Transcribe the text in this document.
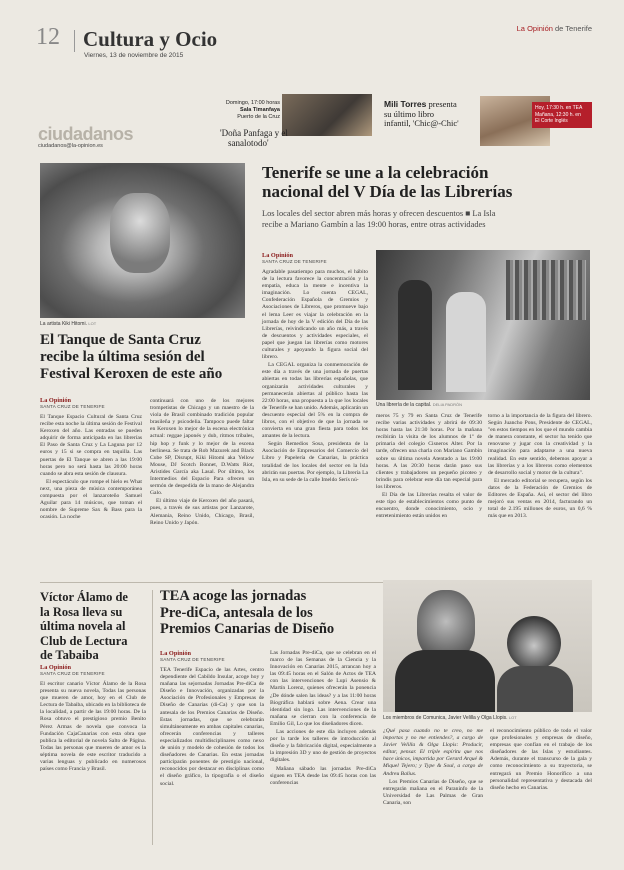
12 Cultura y Ocio
Viernes, 13 de noviembre de 2015
La Opinión de Tenerife
Domingo, 17:00 horas
Sala Timanfaya
Puerto de la Cruz
'Doña Panfaga y el
sanalotodo'
Mili Torres presenta
su último libro
infantil, 'Chic@-Chic'
Hoy, 17:30 h. en TEA
Mañana, 12:30 h. en
El Corte Inglés
ciudadanos
ciudadanos@la-opinion.es
La artista Kiki Hitomi. LOT
Tenerife se une a la celebración
nacional del V Día de las Librerías
Los locales del sector abren más horas y ofrecen descuentos ■ La Isla
recibe a Mariano Gambín a las 19:00 horas, entre otras actividades
La Opinión
SANTA CRUZ DE TENERIFE

Agradable pasatiempo para muchos, el hábito de la lectura favorece la concentración y la empatía, educa la mente e incentiva la imaginación. Lo cuenta CEGAL, Confederación Española de Gremios y Asociaciones de Libreros, que promueve bajo el lema Leer es viajar la celebración en la jornada de hoy de la V edición del Día de las Librerías, reivindicando un año más, a través de descuentos y actividades especiales, el papel que juegan las librerías como motores culturales y apoyando la figura social del librero.

La CEGAL organiza la conmemoración de este día a través de una jornada de puertas abiertas en todas las librerías españolas, que organizarán actividades culturales y permanecerán abiertas al público hasta las 22:00 horas, una propuesta a la que los locales de Tenerife se han unido. Además, aplicarán un descuento especial del 5% en la compra de libros, con el objetivo de que la jornada se convierta en una gran fiesta para todos los amantes de la lectura.

Según Remedios Sosa, presidenta de la Asociación de Empresarios del Comercio del Libro y Papelería de Canarias, la práctica totalidad de los locales del sector en la Isla abrirán sus puertas. Por ejemplo, la Librería La Isla, en su sede de la calle Imeldo Serís nú-

Una librería de la capital. DELIA PADRÓN

meros 75 y 79 en Santa Cruz de Tenerife recibe varias actividades y abrirá de 09:30 horas hasta las 21:30 horas. Por la mañana recibirán la visita de los alumnos de 1º de primaria del colegio Cisneros Alter. Por la tarde, ofrecen una charla con Mariano Gambín sobre su última novela Atentado a las 19:00 horas. A las 20:30 horas darán paso sus clientes y trabajadores un pequeño picoteo y brindis para celebrar este día tan especial para los libreros.

El Día de las Librerías resalta el valor de este tipo de establecimientos como punto de encuentro, donde conocimiento, ocio y entretenimiento están unidos en

torno a la importancia de la figura del librero. Según Juancho Pons, Presidente de CEGAL, "en estos tiempos en los que el mundo cambia de manera constante, el sector ha tenido que renovarse y jugar con la creatividad y la imaginación para adaptarse a una nueva realidad. En este sentido, debemos apoyar a las librerías y a los libreros como elementos de desarrollo social y motor de la cultura".

El mercado editorial se recupera, según los datos de la Federación de Gremios de Editores de España. Así, el sector del libro mejoró sus ventas en 2014, facturando un total de 2.195 millones de euros, un 0,6 % más que en 2013.

El Tanque de Santa Cruz
recibe la última sesión del
Festival Keroxen de este año
La Opinión
SANTA CRUZ DE TENERIFE

El Tanque Espacio Cultural de Santa Cruz recibe esta noche la última sesión de Festival Keroxen del año. Las entradas se pueden adquirir de forma anticipada en las librerías El Paso de Santa Cruz y La Laguna por 12 euros y 15 si se compra en taquilla. Las puertas de El Tanque se abren a las 19:00 horas pero no será hasta las 20:00 horas cuando se abra esta sesión de clausura.

El espectáculo que rompe el hielo es What next, una pieza de música contemporánea compuesta por el lanzaroteño Samuel Aguilar para 14 músicos, que toman el nombre de Supreme Sax & Bass para la ocasión. La noche

continuará con uno de los mejores trompetistas de Chicago y un maestro de la viola de Brasil combinado tradición popular brasileña y psicodelia. Tampoco puede faltar en Keroxen lo mejor de la escena electrónica actual: reggae japonés y dub, ritmos tribales, hip hop y funk y lo mejor de la escena berlinesa. Se trata de Rob Mazurek and Black Cube SP, Disrupt, Kiki Hitomi aka Yellow Mouse, DJ Scotch Bonnet, D.Watts Riot, Aristides García aka Lasal. Por último, los Intermedios del Espacio Para ofrecen un sermón de despedida de la mano de Alejandra Galo.

El último viaje de Keroxen del año pasará, pues, a través de sus artistas por Lanzarote, Alemania, Reino Unido, Chicago, Brasil, Reino Unido y Japón.

Víctor Álamo de
la Rosa lleva su
última novela al
Club de Lectura
de Tabaiba
La Opinión
SANTA CRUZ DE TENERIFE

El escritor canario Víctor Álamo de la Rosa presenta su nueva novela, Todas las personas que mueren de amor, hoy en el Club de Lectura de Tabaiba, ubicado en la biblioteca de la localidad, a partir de las 19:00 horas. De la Rosa obtuvo el prestigioso premio Benito Pérez Armas de novela que convoca la Fundación CajaCanarias con esta obra que publica la editorial de novela Salto de Página. Todas las personas que mueren de amor es la séptima novela de este escritor traducido a varias lenguas y publicado en numerosos países como Francia y Brasil.

TEA acoge las jornadas
Pre-diCa, antesala de los
Premios Canarias de Diseño
La Opinión
SANTA CRUZ DE TENERIFE

TEA Tenerife Espacio de las Artes, centro dependiente del Cabildo Insular, acoge hoy y mañana las sejornadas Jornadas Pre-diCa de Diseño e Innovación, organizadas por la Asociación de Profesionales y Empresas de Diseño de Canarias (di-Ca) y que son la antesala de los Premios Canarias de Diseño. Estas jornadas, que se celebrarán simultáneamente en ambas capitales canarias, ofrecerán conferencias y talleres especializados multidisciplinares como nexo de unión y modelo de cohesión de todos los diseñadores de Canarias. En estas jornadas participarán ponentes de prestigio nacional, reconocidos por destacar en disciplinas como el diseño gráfico, la tipografía o el diseño social.

Las Jornadas Pre-diCa, que se celebran en el marco de las Semanas de la Ciencia y la Innovación en Canarias 2015, arrancan hoy a las 09:45 horas en el Salón de Actos de TEA con las intervenciones de Lupi Asensio & Martín Lorenz, quienes ofrecerán la ponencia ¿De dónde salen las ideas? y a las 11:00 horas Biográfica hablará sobre Aena. Crear una identidad sin logo. Las intervenciones de la mañana se cierran con la conferencia de Emilio Gil, Lo que los diseñadores dicen.

Las acciones de este día incluyen además por la tarde los talleres de introducción al diseño y la fabricación digital, especialmente a la impresión 3D y uno de gestión de proyectos digitales.

Mañana sábado las jornadas Pre-diCa siguen en TEA desde las 09:45 horas con las conferencias

Los miembros de Comunica, Javier Velilla y Olga Llopis. LOT

¿Qué pasa cuando no te creo, no me importas y no me entiendes?, a cargo de Javier Velilla & Olga Llopis: Producir, editar, pensar. El tríple espíritu que nos hace únicos, impartida por Gerard Arqué & Miquel Tejero; y Type & Soul, a cargo de Andreu Balius.

Los Premios Canarias de Diseño, que se entregarán mañana en el Paraninfo de la Universidad de Las Palmas de Gran Canaria, son

el reconocimiento público de todo el valor que profesionales y empresas de diseño, empresas que confían en el trabajo de los diseñadores de las Islas y estudiantes. Además, durante el transcurso de la gala y como reconocimiento a su trayectoria, se entregará un Premio Honorífico a una personalidad representativa y destacada del diseño hecho en Canarias.
